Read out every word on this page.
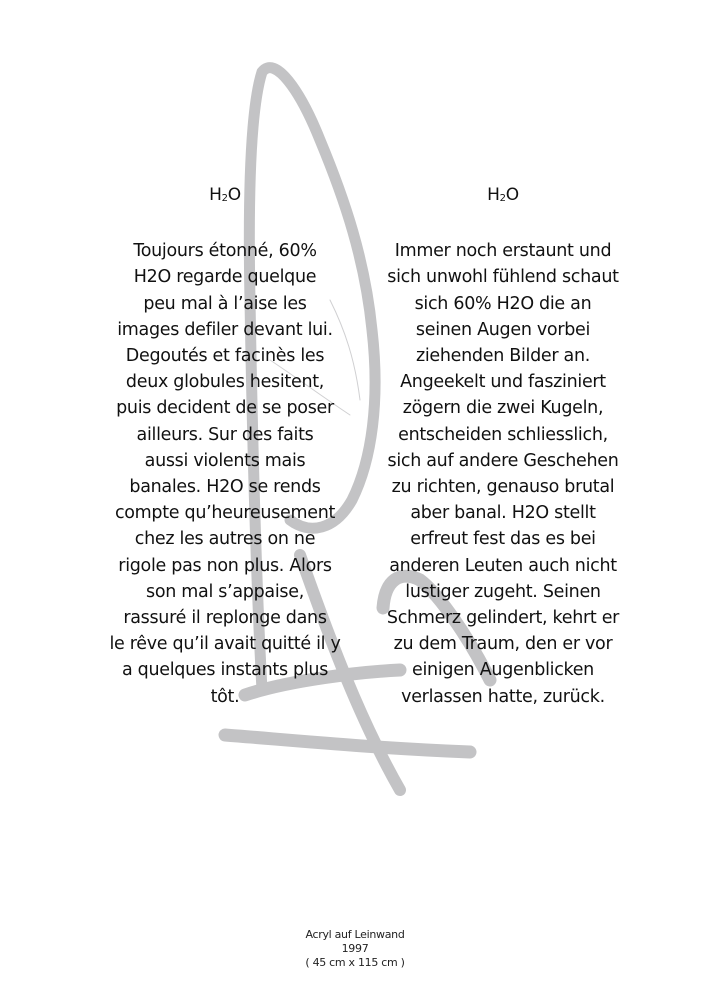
$H_2O$
Toujours étonné, 60%
H2O regarde quelque
peu mal à l’aise les
images defiler devant lui.
Degoutés et facinès les
deux globules hesitent,
puis decident de se poser
ailleurs. Sur des faits
aussi violents mais
banales. H2O se rends
compte qu’heureusement
chez les autres on ne
rigole pas non plus. Alors
son mal s’appaise,
rassuré il replonge dans
le rêve qu’il avait quitté il y
a quelques instants plus
tôt.
$H_2O$
Immer noch erstaunt und
sich unwohl fühlend schaut
sich 60% H2O die an
seinen Augen vorbei
ziehenden Bilder an.
Angeekelt und fasziniert
zögern die zwei Kugeln,
entscheiden schliesslich,
sich auf andere Geschehen
zu richten, genauso brutal
aber banal. H2O stellt
erfreut fest das es bei
anderen Leuten auch nicht
lustiger zugeht. Seinen
Schmerz gelindert, kehrt er
zu dem Traum, den er vor
einigen Augenblicken
verlassen hatte, zurück.
Acryl auf Leinwand
1997
( 45 cm x 115 cm )
